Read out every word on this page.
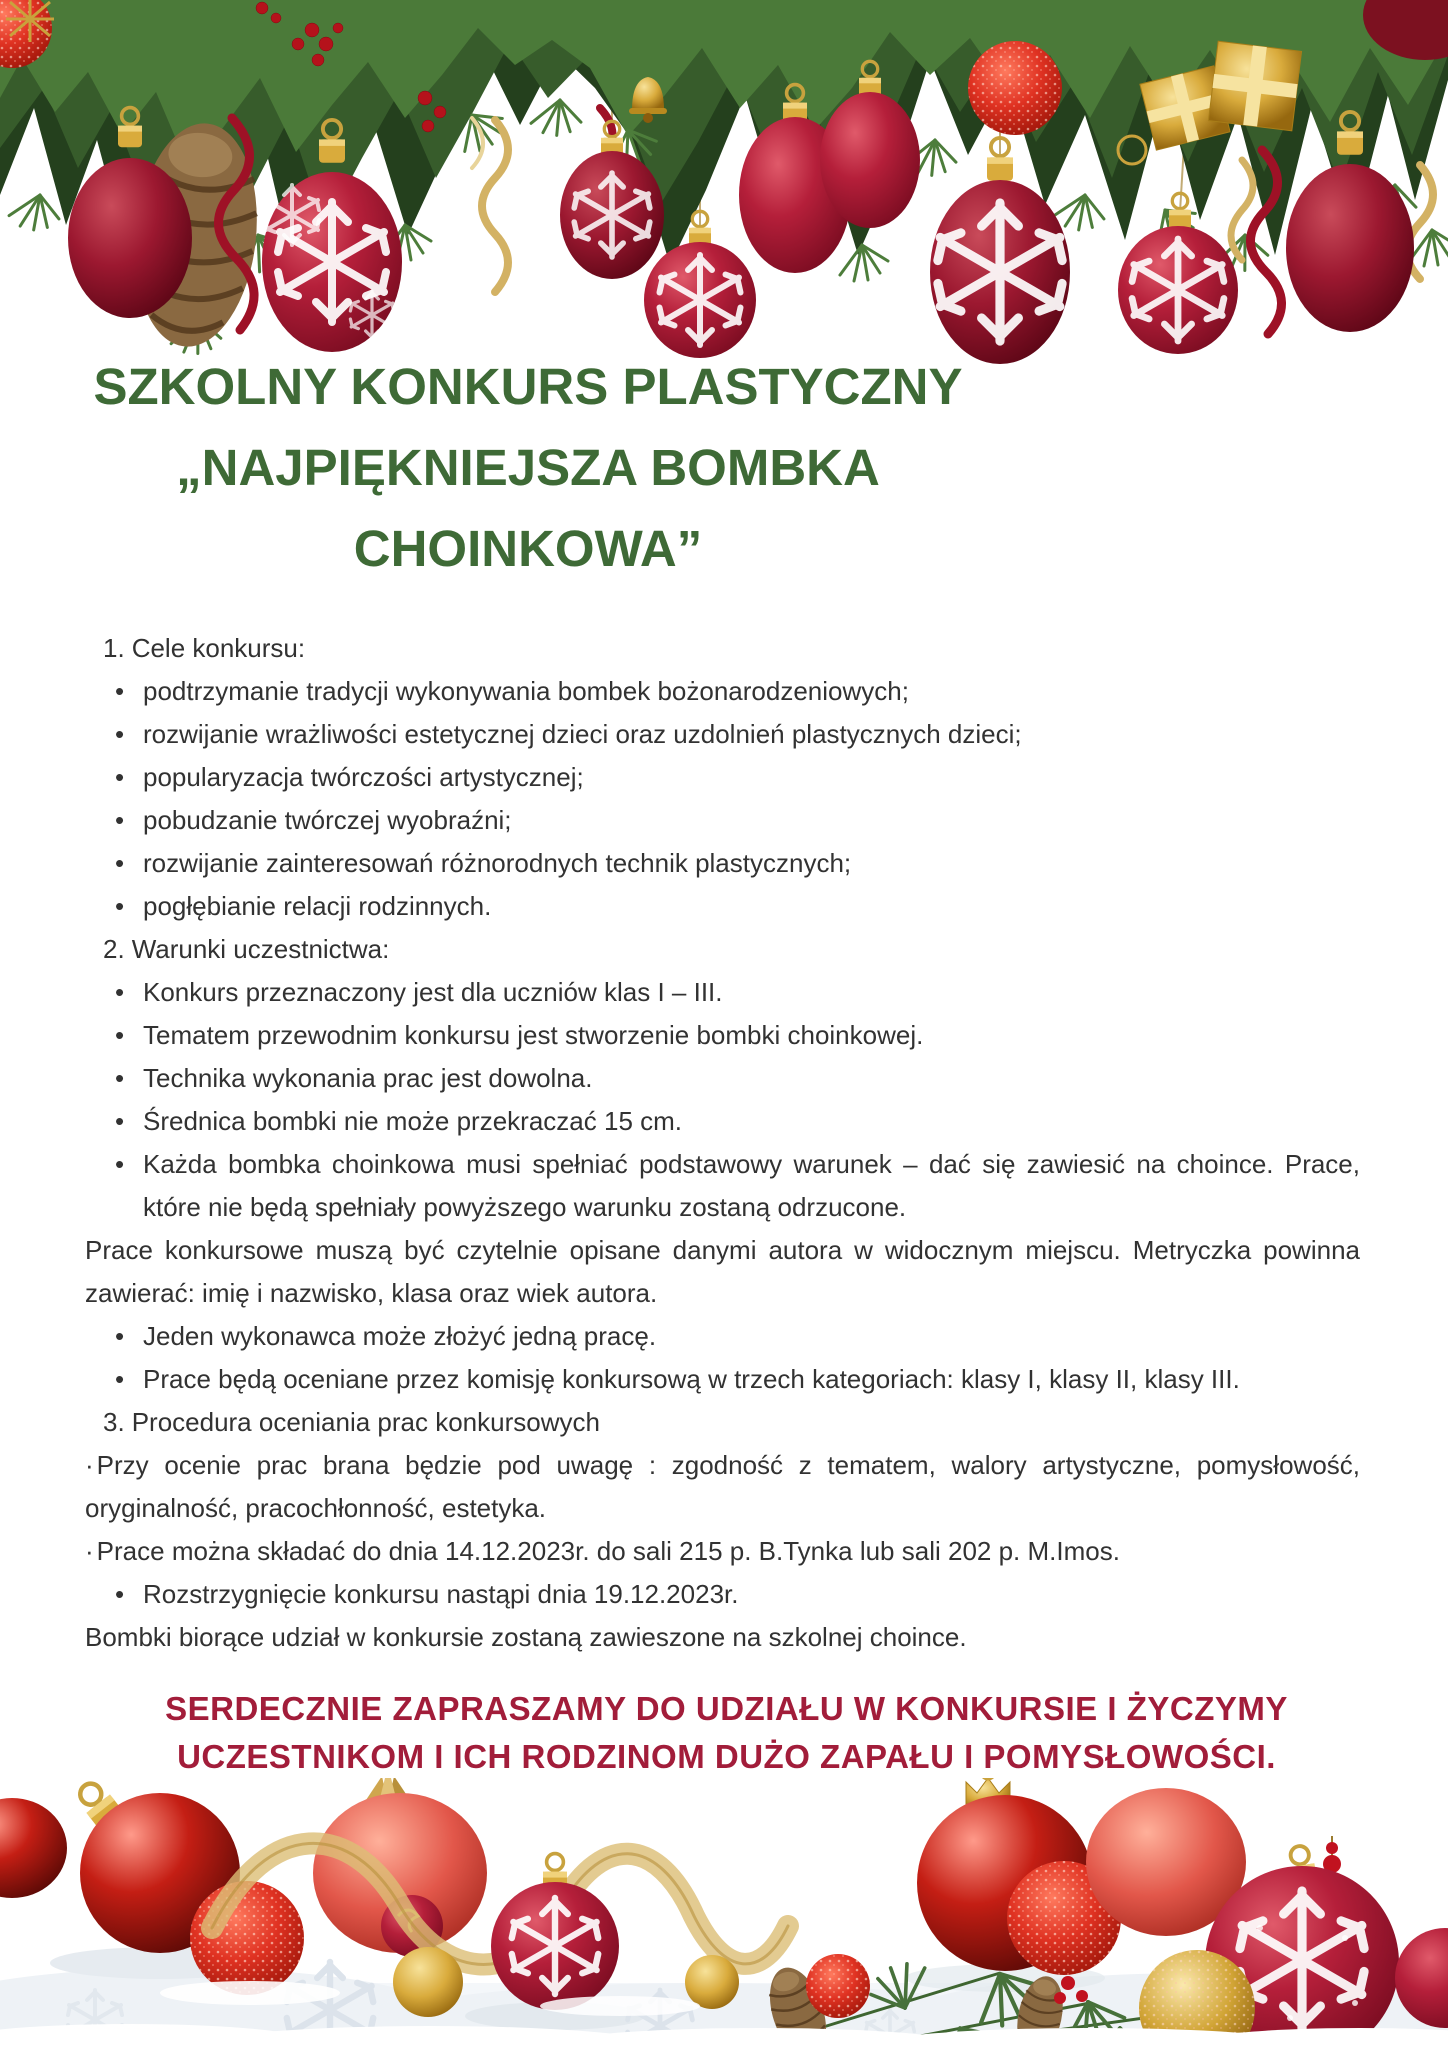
SZKOLNY KONKURS PLASTYCZNY
„NAJPIĘKNIEJSZA BOMBKA
CHOINKOWA”

1. Cele konkursu:

• podtrzymanie tradycji wykonywania bombek bożonarodzeniowych;

• rozwijanie wrażliwości estetycznej dzieci oraz uzdolnień plastycznych dzieci;

• popularyzacja twórczości artystycznej;

• pobudzanie twórczej wyobraźni;

• rozwijanie zainteresowań różnorodnych technik plastycznych;

• pogłębianie relacji rodzinnych.

2. Warunki uczestnictwa:

• Konkurs przeznaczony jest dla uczniów klas I – III.

• Tematem przewodnim konkursu jest stworzenie bombki choinkowej.

• Technika wykonania prac jest dowolna.

• Średnica bombki nie może przekraczać 15 cm.

• Każda bombka choinkowa musi spełniać podstawowy warunek – dać się zawiesić na choince. Prace, które nie będą spełniały powyższego warunku zostaną odrzucone.

Prace konkursowe muszą być czytelnie opisane danymi autora w widocznym miejscu. Metryczka powinna zawierać: imię i nazwisko, klasa oraz wiek autora.

• Jeden wykonawca może złożyć jedną pracę.

• Prace będą oceniane przez komisję konkursową w trzech kategoriach: klasy I, klasy II, klasy III.

3. Procedura oceniania prac konkursowych

· Przy ocenie prac brana będzie pod uwagę : zgodność z tematem, walory artystyczne, pomysłowość, oryginalność, pracochłonność, estetyka.

· Prace można składać do dnia 14.12.2023r. do sali 215 p. B.Tynka lub sali 202 p. M.Imos.

• Rozstrzygnięcie konkursu nastąpi dnia 19.12.2023r.

Bombki biorące udział w konkursie zostaną zawieszone na szkolnej choince.

SERDECZNIE ZAPRASZAMY DO UDZIAŁU W KONKURSIE I ŻYCZYMY
UCZESTNIKOM I ICH RODZINOM DUŻO ZAPAŁU I POMYSŁOWOŚCI.
